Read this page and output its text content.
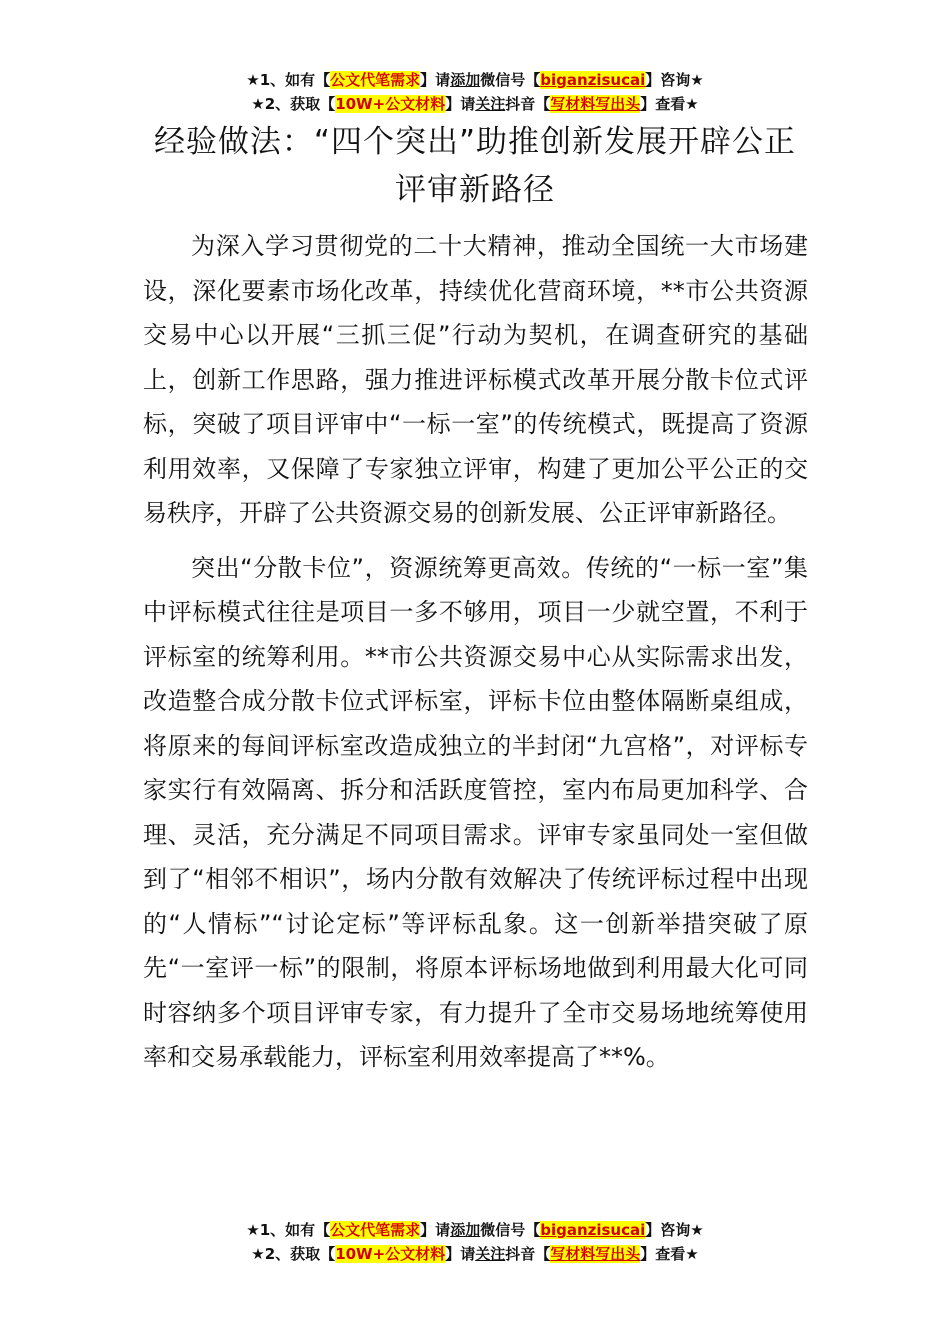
★1、如有【公文代笔需求】请添加微信号【biganzisucai】咨询★
★2、获取【10W+公文材料】请关注抖音【写材料写出头】查看★
经验做法：“四个突出”助推创新发展开辟公正评审新路径

为深入学习贯彻党的二十大精神，推动全国统一大市场建设，深化要素市场化改革，持续优化营商环境，**市公共资源交易中心以开展“三抓三促”行动为契机，在调查研究的基础上，创新工作思路，强力推进评标模式改革开展分散卡位式评标，突破了项目评审中“一标一室”的传统模式，既提高了资源利用效率，又保障了专家独立评审，构建了更加公平公正的交易秩序，开辟了公共资源交易的创新发展、公正评审新路径。

突出“分散卡位”，资源统筹更高效。传统的“一标一室”集中评标模式往往是项目一多不够用，项目一少就空置，不利于评标室的统筹利用。**市公共资源交易中心从实际需求出发，改造整合成分散卡位式评标室，评标卡位由整体隔断桌组成，将原来的每间评标室改造成独立的半封闭“九宫格”，对评标专家实行有效隔离、拆分和活跃度管控，室内布局更加科学、合理、灵活，充分满足不同项目需求。评审专家虽同处一室但做到了“相邻不相识”，场内分散有效解决了传统评标过程中出现的“人情标”“讨论定标”等评标乱象。这一创新举措突破了原先“一室评一标”的限制，将原本评标场地做到利用最大化可同时容纳多个项目评审专家，有力提升了全市交易场地统筹使用率和交易承载能力，评标室利用效率提高了**%。

★1、如有【公文代笔需求】请添加微信号【biganzisucai】咨询★
★2、获取【10W+公文材料】请关注抖音【写材料写出头】查看★
